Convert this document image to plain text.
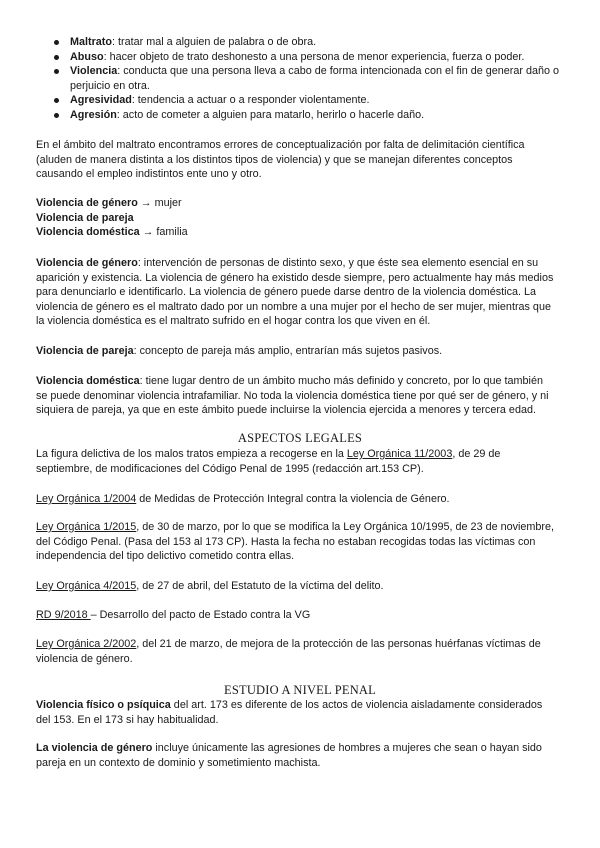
Maltrato: tratar mal a alguien de palabra o de obra.
Abuso: hacer objeto de trato deshonesto a una persona de menor experiencia, fuerza o poder.
Violencia: conducta que una persona lleva a cabo de forma intencionada con el fin de generar daño o perjuicio en otra.
Agresividad: tendencia a actuar o a responder violentamente.
Agresión: acto de cometer a alguien para matarlo, herirlo o hacerle daño.

En el ámbito del maltrato encontramos errores de conceptualización por falta de delimitación científica (aluden de manera distinta a los distintos tipos de violencia) y que se manejan diferentes conceptos causando el empleo indistintos ente uno y otro.

Violencia de género → mujer
Violencia de pareja
Violencia doméstica → familia

Violencia de género: intervención de personas de distinto sexo, y que éste sea elemento esencial en su aparición y existencia. La violencia de género ha existido desde siempre, pero actualmente hay más medios para denunciarlo e identificarlo. La violencia de género puede darse dentro de la violencia doméstica. La violencia de género es el maltrato dado por un nombre a una mujer por el hecho de ser mujer, mientras que la violencia doméstica es el maltrato sufrido en el hogar contra los que viven en él.

Violencia de pareja: concepto de pareja más amplio, entrarían más sujetos pasivos.

Violencia doméstica: tiene lugar dentro de un ámbito mucho más definido y concreto, por lo que también se puede denominar violencia intrafamiliar. No toda la violencia doméstica tiene por qué ser de género, y ni siquiera de pareja, ya que en este ámbito puede incluirse la violencia ejercida a menores y tercera edad.

ASPECTOS LEGALES

La figura delictiva de los malos tratos empieza a recogerse en la Ley Orgánica 11/2003, de 29 de septiembre, de modificaciones del Código Penal de 1995 (redacción art.153 CP).

Ley Orgánica 1/2004 de Medidas de Protección Integral contra la violencia de Género.

Ley Orgánica 1/2015, de 30 de marzo, por lo que se modifica la Ley Orgánica 10/1995, de 23 de noviembre, del Código Penal. (Pasa del 153 al 173 CP). Hasta la fecha no estaban recogidas todas las víctimas con independencia del tipo delictivo cometido contra ellas.

Ley Orgánica 4/2015, de 27 de abril, del Estatuto de la víctima del delito.

RD 9/2018 – Desarrollo del pacto de Estado contra la VG

Ley Orgánica 2/2002, del 21 de marzo, de mejora de la protección de las personas huérfanas víctimas de violencia de género.

ESTUDIO A NIVEL PENAL

Violencia físico o psíquica del art. 173 es diferente de los actos de violencia aisladamente considerados del 153. En el 173 si hay habitualidad.

La violencia de género incluye únicamente las agresiones de hombres a mujeres che sean o hayan sido pareja en un contexto de dominio y sometimiento machista.
